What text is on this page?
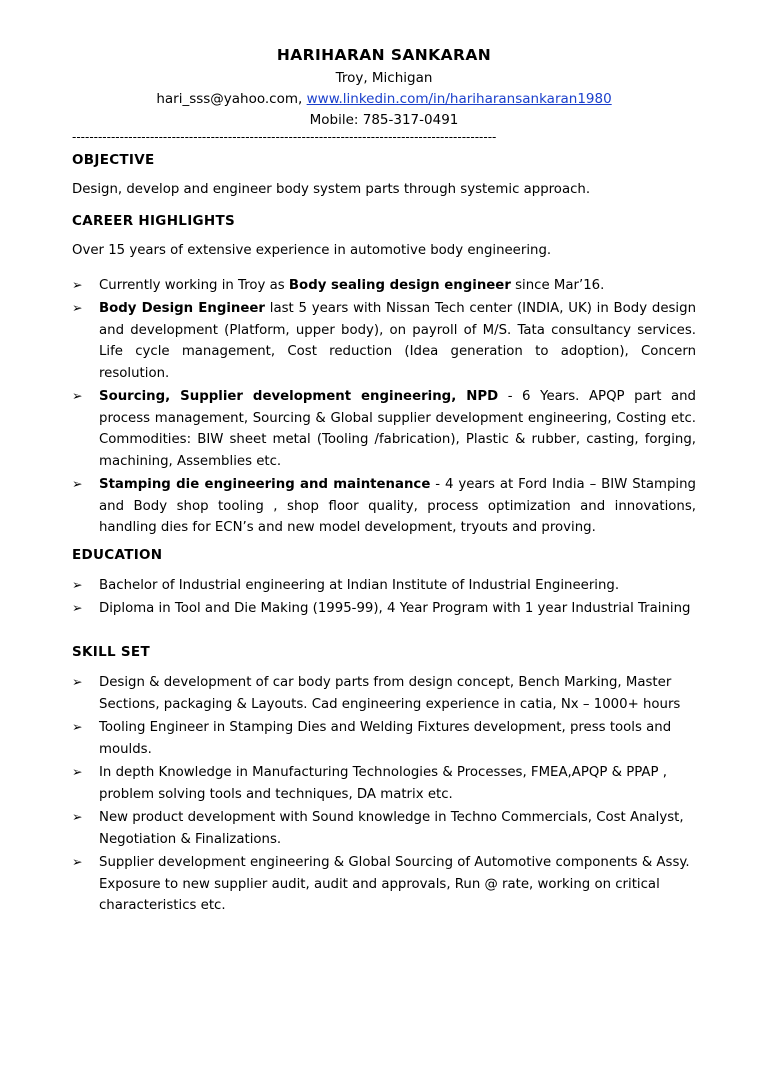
HARIHARAN SANKARAN
Troy, Michigan
hari_sss@yahoo.com, www.linkedin.com/in/hariharansankaran1980
Mobile: 785-317-0491
--------------------------------------------------------------------------------------------------
OBJECTIVE

Design, develop and engineer body system parts through systemic approach.

CAREER HIGHLIGHTS

Over 15 years of extensive experience in automotive body engineering.

➢ Currently working in Troy as Body sealing design engineer since Mar’16.
➢ Body Design Engineer last 5 years with Nissan Tech center (INDIA, UK) in Body design and development (Platform, upper body), on payroll of M/S. Tata consultancy services. Life cycle management, Cost reduction (Idea generation to adoption), Concern resolution.
➢ Sourcing, Supplier development engineering, NPD - 6 Years. APQP part and process management, Sourcing & Global supplier development engineering, Costing etc. Commodities: BIW sheet metal (Tooling /fabrication), Plastic & rubber, casting, forging, machining, Assemblies etc.
➢ Stamping die engineering and maintenance - 4 years at Ford India – BIW Stamping and Body shop tooling , shop floor quality, process optimization and innovations, handling dies for ECN’s and new model development, tryouts and proving.
EDUCATION
➢ Bachelor of Industrial engineering at Indian Institute of Industrial Engineering.
➢ Diploma in Tool and Die Making (1995-99), 4 Year Program with 1 year Industrial Training
SKILL SET
➢ Design & development of car body parts from design concept, Bench Marking, Master Sections, packaging & Layouts. Cad engineering experience in catia, Nx – 1000+ hours
➢ Tooling Engineer in Stamping Dies and Welding Fixtures development, press tools and moulds.
➢ In depth Knowledge in Manufacturing Technologies & Processes, FMEA,APQP & PPAP , problem solving tools and techniques, DA matrix etc.
➢ New product development with Sound knowledge in Techno Commercials, Cost Analyst, Negotiation & Finalizations.
➢ Supplier development engineering & Global Sourcing of Automotive components & Assy. Exposure to new supplier audit, audit and approvals, Run @ rate, working on critical characteristics etc.
